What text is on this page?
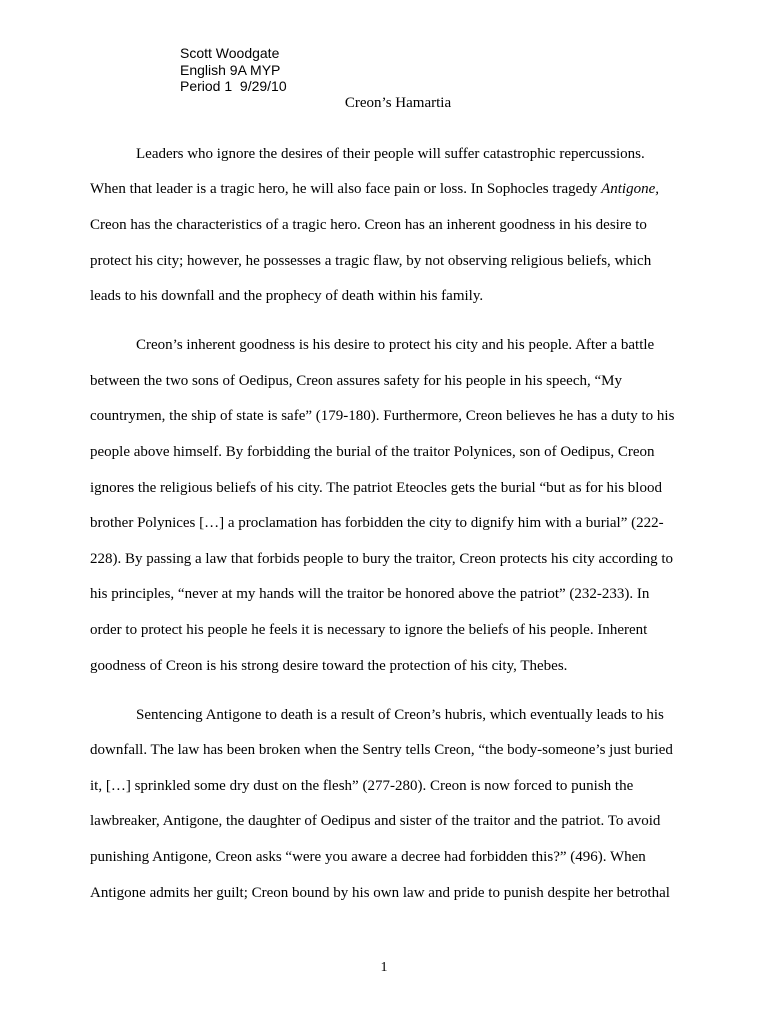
Scott Woodgate
English 9A MYP
Period 1  9/29/10
Creon’s Hamartia
Leaders who ignore the desires of their people will suffer catastrophic repercussions.
When that leader is a tragic hero, he will also face pain or loss. In Sophocles tragedy Antigone,
Creon has the characteristics of a tragic hero. Creon has an inherent goodness in his desire to
protect his city; however, he possesses a tragic flaw, by not observing religious beliefs, which
leads to his downfall and the prophecy of death within his family.
Creon’s inherent goodness is his desire to protect his city and his people. After a battle
between the two sons of Oedipus, Creon assures safety for his people in his speech, “My
countrymen, the ship of state is safe” (179-180). Furthermore, Creon believes he has a duty to his
people above himself. By forbidding the burial of the traitor Polynices, son of Oedipus, Creon
ignores the religious beliefs of his city. The patriot Eteocles gets the burial “but as for his blood
brother Polynices […] a proclamation has forbidden the city to dignify him with a burial” (222-
228). By passing a law that forbids people to bury the traitor, Creon protects his city according to
his principles, “never at my hands will the traitor be honored above the patriot” (232-233). In
order to protect his people he feels it is necessary to ignore the beliefs of his people. Inherent
goodness of Creon is his strong desire toward the protection of his city, Thebes.
Sentencing Antigone to death is a result of Creon’s hubris, which eventually leads to his
downfall. The law has been broken when the Sentry tells Creon, “the body-someone’s just buried
it, […] sprinkled some dry dust on the flesh” (277-280). Creon is now forced to punish the
lawbreaker, Antigone, the daughter of Oedipus and sister of the traitor and the patriot. To avoid
punishing Antigone, Creon asks “were you aware a decree had forbidden this?” (496). When
Antigone admits her guilt; Creon bound by his own law and pride to punish despite her betrothal
1
